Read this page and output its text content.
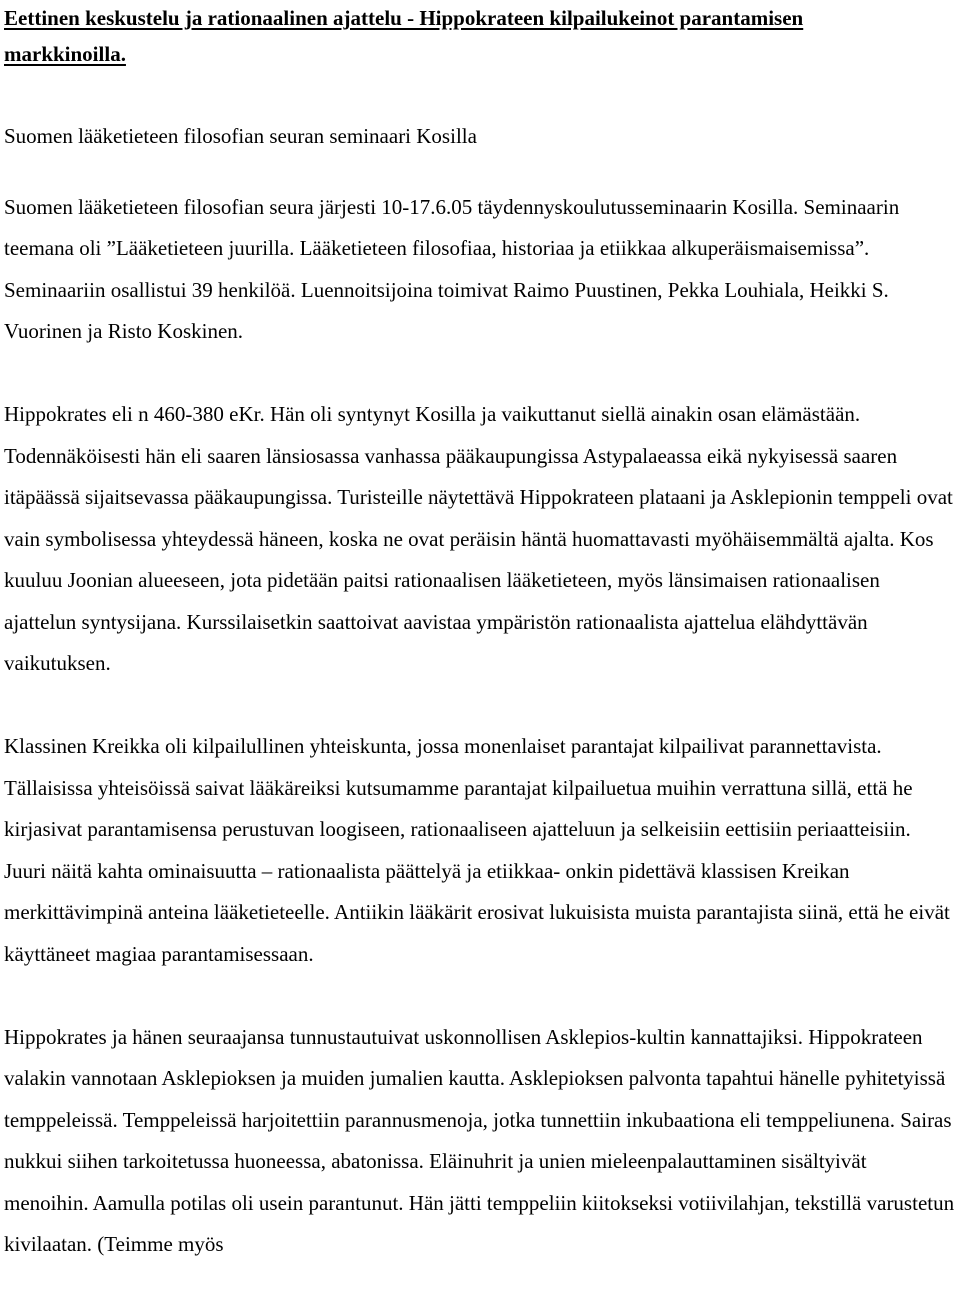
Eettinen keskustelu ja rationaalinen ajattelu - Hippokrateen kilpailukeinot parantamisen
markkinoilla.

Suomen lääketieteen filosofian seuran seminaari Kosilla

Suomen lääketieteen filosofian seura järjesti 10-17.6.05 täydennyskoulutusseminaarin Kosilla. Seminaarin teemana oli ”Lääketieteen juurilla. Lääketieteen filosofiaa, historiaa ja etiikkaa alkuperäismaisemissa”. Seminaariin osallistui 39 henkilöä. Luennoitsijoina toimivat Raimo Puustinen, Pekka Louhiala, Heikki S. Vuorinen ja Risto Koskinen.

Hippokrates eli n 460-380 eKr. Hän oli syntynyt Kosilla ja vaikuttanut siellä ainakin osan elämästään. Todennäköisesti hän eli saaren länsiosassa vanhassa pääkaupungissa Astypalaeassa eikä nykyisessä saaren itäpäässä sijaitsevassa pääkaupungissa. Turisteille näytettävä Hippokrateen plataani ja Asklepionin temppeli ovat vain symbolisessa yhteydessä häneen, koska ne ovat peräisin häntä huomattavasti myöhäisemmältä ajalta. Kos kuuluu Joonian alueeseen, jota pidetään paitsi rationaalisen lääketieteen, myös länsimaisen rationaalisen ajattelun syntysijana. Kurssilaisetkin saattoivat aavistaa ympäristön rationaalista ajattelua elähdyttävän vaikutuksen.

Klassinen Kreikka oli kilpailullinen yhteiskunta, jossa monenlaiset parantajat kilpailivat parannettavista. Tällaisissa yhteisöissä saivat lääkäreiksi kutsumamme parantajat kilpailuetua muihin verrattuna sillä, että he kirjasivat parantamisensa perustuvan loogiseen, rationaaliseen ajatteluun ja selkeisiin eettisiin periaatteisiin. Juuri näitä kahta ominaisuutta – rationaalista päättelyä ja etiikkaa- onkin pidettävä klassisen Kreikan merkittävimpinä anteina lääketieteelle. Antiikin lääkärit erosivat lukuisista muista parantajista siinä, että he eivät käyttäneet magiaa parantamisessaan.

Hippokrates ja hänen seuraajansa tunnustautuivat uskonnollisen Asklepios-kultin kannattajiksi. Hippokrateen valakin vannotaan Asklepioksen ja muiden jumalien kautta. Asklepioksen palvonta tapahtui hänelle pyhitetyissä temppeleissä. Temppeleissä harjoitettiin parannusmenoja, jotka tunnettiin inkubaationa eli temppeliunena. Sairas nukkui siihen tarkoitetussa huoneessa, abatonissa. Eläinuhrit ja unien mieleenpalauttaminen sisältyivät menoihin. Aamulla potilas oli usein parantunut. Hän jätti temppeliin kiitokseksi votiivilahjan, tekstillä varustetun kivilaatan. (Teimme myös
